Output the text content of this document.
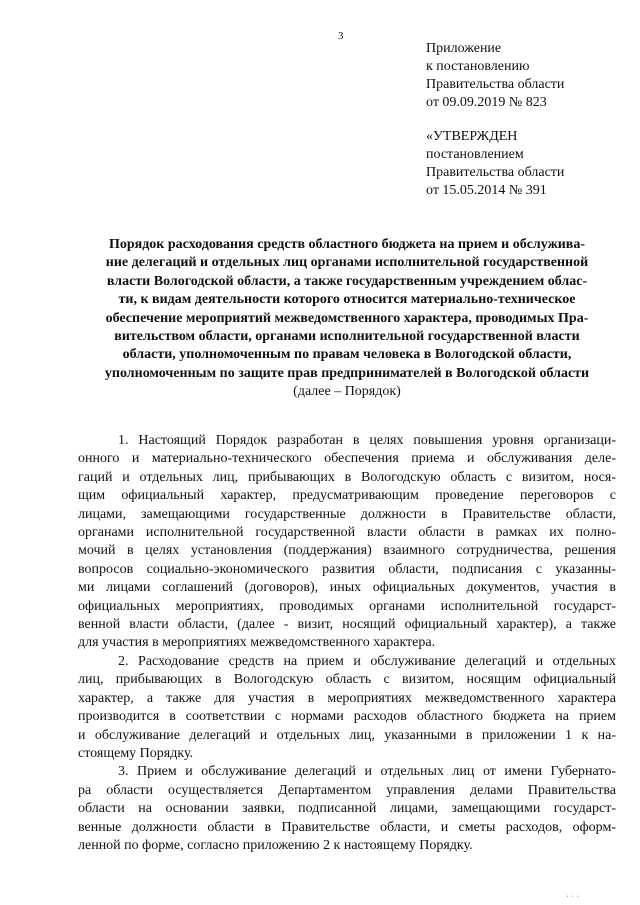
3
Приложение
к постановлению
Правительства области
от 09.09.2019 № 823
«УТВЕРЖДЕН
постановлением
Правительства области
от 15.05.2014 № 391
Порядок расходования средств областного бюджета на прием и обслужива-
ние делегаций и отдельных лиц органами исполнительной государственной
власти Вологодской области, а также государственным учреждением облас-
ти, к видам деятельности которого относится материально-техническое
обеспечение мероприятий межведомственного характера, проводимых Пра-
вительством области, органами исполнительной государственной власти
области, уполномоченным по правам человека в Вологодской области,
уполномоченным по защите прав предпринимателей в Вологодской области
(далее – Порядок)
1. Настоящий Порядок разработан в целях повышения уровня организаци-
онного и материально-технического обеспечения приема и обслуживания деле-
гаций и отдельных лиц, прибывающих в Вологодскую область с визитом, нося-
щим официальный характер, предусматривающим проведение переговоров с
лицами, замещающими государственные должности в Правительстве области,
органами исполнительной государственной власти области в рамках их полно-
мочий в целях установления (поддержания) взаимного сотрудничества, решения
вопросов социально-экономического развития области, подписания с указанны-
ми лицами соглашений (договоров), иных официальных документов, участия в
официальных мероприятиях, проводимых органами исполнительной государст-
венной власти области, (далее - визит, носящий официальный характер), а также
для участия в мероприятиях межведомственного характера.
2. Расходование средств на прием и обслуживание делегаций и отдельных
лиц, прибывающих в Вологодскую область с визитом, носящим официальный
характер, а также для участия в мероприятиях межведомственного характера
производится в соответствии с нормами расходов областного бюджета на прием
и обслуживание делегаций и отдельных лиц, указанными в приложении 1 к на-
стоящему Порядку.
3. Прием и обслуживание делегаций и отдельных лиц от имени Губернато-
ра области осуществляется Департаментом управления делами Правительства
области на основании заявки, подписанной лицами, замещающими государст-
венные должности области в Правительстве области, и сметы расходов, оформ-
ленной по форме, согласно приложению 2 к настоящему Порядку.
ˈ ˈ ˈ
